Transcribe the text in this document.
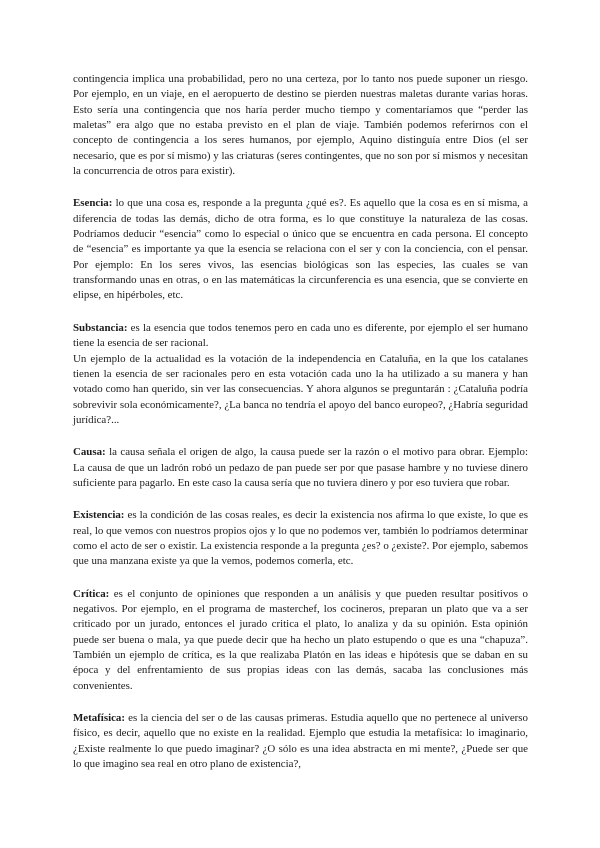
contingencia implica una probabilidad, pero no una certeza, por lo tanto nos puede suponer un riesgo. Por ejemplo, en un viaje, en el aeropuerto de destino se pierden nuestras maletas durante varias horas. Esto sería una contingencia que nos haría perder mucho tiempo y comentaríamos que “perder las maletas” era algo que no estaba previsto en el plan de viaje. También podemos referirnos con el concepto de contingencia a los seres humanos, por ejemplo, Aquino distinguía entre Dios (el ser necesario, que es por sí mismo) y las criaturas (seres contingentes, que no son por sí mismos y necesitan la concurrencia de otros para existir).

Esencia: lo que una cosa es, responde a la pregunta ¿qué es?. Es aquello que la cosa es en sí misma, a diferencia de todas las demás, dicho de otra forma, es lo que constituye la naturaleza de las cosas. Podríamos deducir “esencia” como lo especial o único que se encuentra en cada persona. El concepto de “esencia” es importante ya que la esencia se relaciona con el ser y con la conciencia, con el pensar. Por ejemplo: En los seres vivos, las esencias biológicas son las especies, las cuales se van transformando unas en otras, o en las matemáticas la circunferencia es una esencia, que se convierte en elipse, en hipérboles, etc.

Substancia: es la esencia que todos tenemos pero en cada uno es diferente, por ejemplo el ser humano tiene la esencia de ser racional.

Un ejemplo de la actualidad es la votación de la independencia en Cataluña, en la que los catalanes tienen la esencia de ser racionales pero en esta votación cada uno la ha utilizado a su manera y han votado como han querido, sin ver las consecuencias. Y ahora algunos se preguntarán : ¿Cataluña podría sobrevivir sola económicamente?, ¿La banca no tendría el apoyo del banco europeo?, ¿Habría seguridad jurídica?...

Causa: la causa señala el origen de algo, la causa puede ser la razón o el motivo para obrar. Ejemplo: La causa de que un ladrón robó un pedazo de pan puede ser por que pasase hambre y no tuviese dinero suficiente para pagarlo. En este caso la causa sería que no tuviera dinero y por eso tuviera que robar.

Existencia: es la condición de las cosas reales, es decir la existencia nos afirma lo que existe, lo que es real, lo que vemos con nuestros propios ojos y lo que no podemos ver, también lo podríamos determinar como el acto de ser o existir. La existencia responde a la pregunta ¿es? o ¿existe?. Por ejemplo, sabemos que una manzana existe ya que la vemos, podemos comerla, etc.

Crítica: es el conjunto de opiniones que responden a un análisis y que pueden resultar positivos o negativos. Por ejemplo, en el programa de masterchef, los cocineros, preparan un plato que va a ser criticado por un jurado, entonces el jurado critica el plato, lo analiza y da su opinión. Esta opinión puede ser buena o mala, ya que puede decir que ha hecho un plato estupendo o que es una “chapuza”. También un ejemplo de crítica, es la que realizaba Platón en las ideas e hipótesis que se daban en su época y del enfrentamiento de sus propias ideas con las demás, sacaba las conclusiones más convenientes.

Metafísica: es la ciencia del ser o de las causas primeras. Estudia aquello que no pertenece al universo físico, es decir, aquello que no existe en la realidad. Ejemplo que estudia la metafísica: lo imaginario,¿Existe realmente lo que puedo imaginar? ¿O sólo es una idea abstracta en mi mente?, ¿Puede ser que lo que imagino sea real en otro plano de existencia?,
